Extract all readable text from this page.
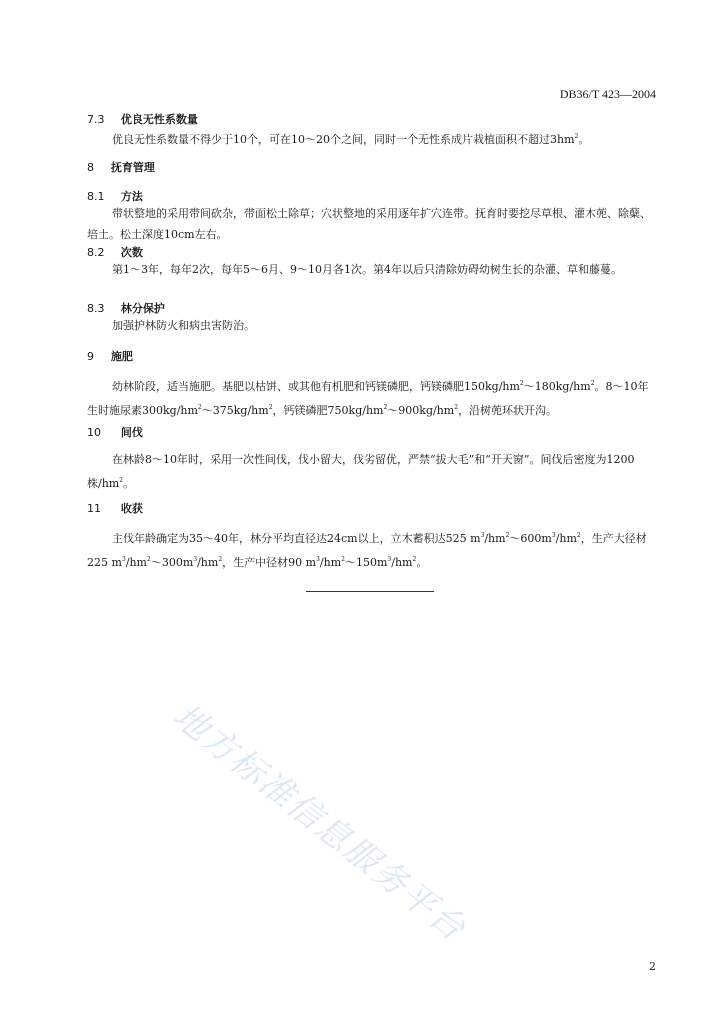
DB36/T 423—2004
7.3 优良无性系数量
优良无性系数量不得少于10个，可在10～20个之间，同时一个无性系成片栽植面积不超过$3hm^2$。
8 抚育管理
8.1 方法
带状整地的采用带间砍杂，带面松土除草；穴状整地的采用逐年扩穴连带。抚育时要挖尽草根、灌木蔸、除蘖、培土。松土深度10cm左右。
8.2 次数
第1～3年，每年2次，每年5～6月、9～10月各1次。第4年以后只清除妨碍幼树生长的杂灌、草和藤蔓。
8.3 林分保护
加强护林防火和病虫害防治。
9 施肥
幼林阶段，适当施肥。基肥以枯饼、或其他有机肥和钙镁磷肥，钙镁磷肥$150kg/hm^2\sim 180kg/hm^2$。8～10年生时施尿素$300kg/hm^2\sim 375kg/hm^2$，钙镁磷肥$750kg/hm^2\sim 900kg/hm^2$，沿树蔸环状开沟。
10 间伐
在林龄8～10年时，采用一次性间伐，伐小留大，伐劣留优，严禁“拔大毛”和“开天窗”。间伐后密度为1200株$/hm^2$。
11 收获
主伐年龄确定为35～40年，林分平均直径达24cm以上，立木蓄积达525 $m^3/hm^2\sim 600m^3/hm^2$，生产大径材225 $m^3/hm^2\sim 300m^3/hm^2$，生产中径材90 $m^3/hm^2\sim 150m^3/hm^2$。
地方标准信息服务平台
2
